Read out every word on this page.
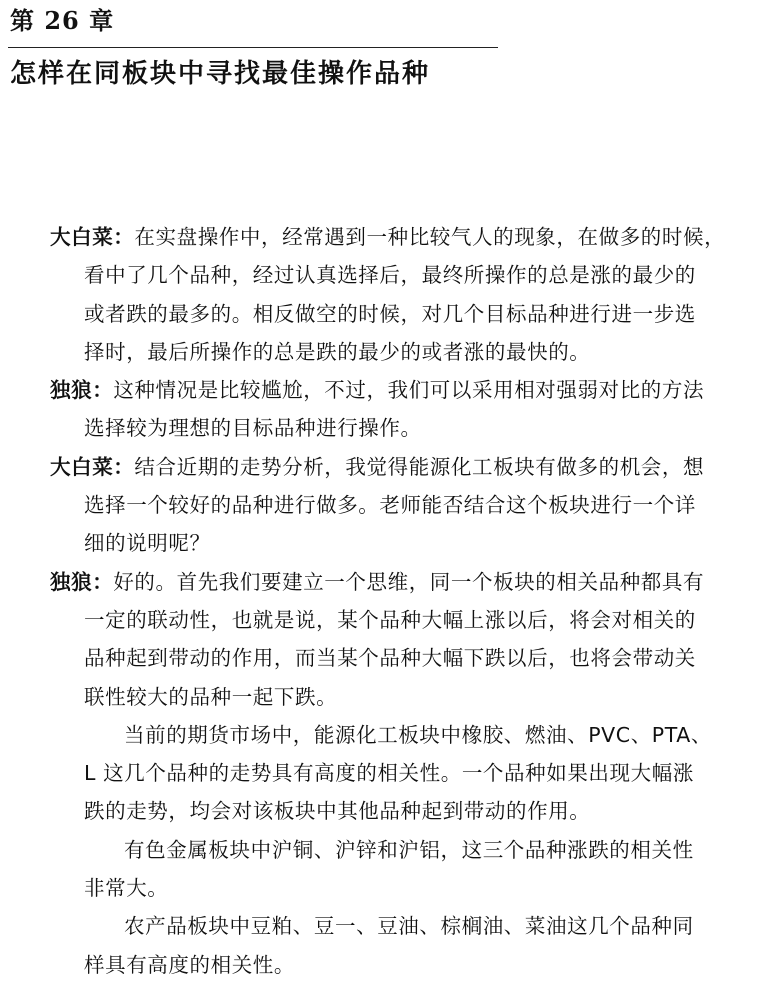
第 26 章
怎样在同板块中寻找最佳操作品种
大白菜：在实盘操作中，经常遇到一种比较气人的现象，在做多的时候，
看中了几个品种，经过认真选择后，最终所操作的总是涨的最少的
或者跌的最多的。相反做空的时候，对几个目标品种进行进一步选
择时，最后所操作的总是跌的最少的或者涨的最快的。
独狼：这种情况是比较尴尬，不过，我们可以采用相对强弱对比的方法
选择较为理想的目标品种进行操作。
大白菜：结合近期的走势分析，我觉得能源化工板块有做多的机会，想
选择一个较好的品种进行做多。老师能否结合这个板块进行一个详
细的说明呢？
独狼：好的。首先我们要建立一个思维，同一个板块的相关品种都具有
一定的联动性，也就是说，某个品种大幅上涨以后，将会对相关的
品种起到带动的作用，而当某个品种大幅下跌以后，也将会带动关
联性较大的品种一起下跌。
当前的期货市场中，能源化工板块中橡胶、燃油、PVC、PTA、
L 这几个品种的走势具有高度的相关性。一个品种如果出现大幅涨
跌的走势，均会对该板块中其他品种起到带动的作用。
有色金属板块中沪铜、沪锌和沪铝，这三个品种涨跌的相关性
非常大。
农产品板块中豆粕、豆一、豆油、棕榈油、菜油这几个品种同
样具有高度的相关性。
